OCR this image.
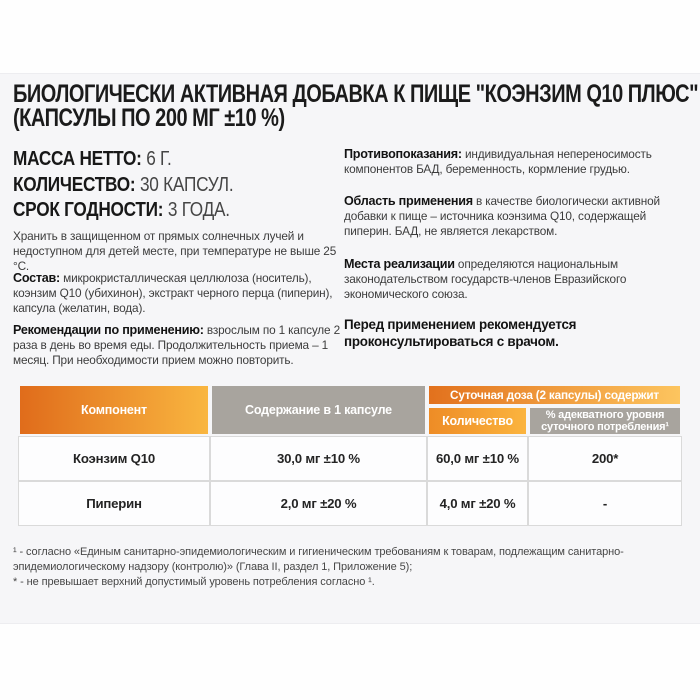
БИОЛОГИЧЕСКИ АКТИВНАЯ ДОБАВКА К ПИЩЕ "КОЭНЗИМ Q10 ПЛЮС"
(КАПСУЛЫ ПО 200 МГ ±10 %)
МАССА НЕТТО: 6 Г.
КОЛИЧЕСТВО: 30 КАПСУЛ.
СРОК ГОДНОСТИ: 3 ГОДА.

Хранить в защищенном от прямых солнечных лучей и недоступном для детей месте, при температуре не выше 25 °С.

Состав: микрокристаллическая целлюлоза (носитель), коэнзим Q10 (убихинон), экстракт черного перца (пиперин), капсула (желатин, вода).

Рекомендации по применению: взрослым по 1 капсуле 2 раза в день во время еды. Продолжительность приема – 1 месяц. При необходимости прием можно повторить.

Противопоказания: индивидуальная непереносимость компонентов БАД, беременность, кормление грудью.

Область применения в качестве биологически активной добавки к пище – источника коэнзима Q10, содержащей пиперин. БАД, не является лекарством.

Места реализации определяются национальным законодательством государств-членов Евразийского экономического союза.

Перед применением рекомендуется проконсультироваться с врачом.

Компонент	Содержание в 1 капсуле
Суточная доза (2 капсулы) содержит
Количество	% адекватного уровня суточного потребления¹
Коэнзим Q10	30,0 мг ±10 %	60,0 мг ±10 %	200*
Пиперин	2,0 мг ±20 %	4,0 мг ±20 %	-

¹ - согласно «Единым санитарно-эпидемиологическим и гигиеническим требованиям к товарам, подлежащим санитарно-эпидемиологическому надзору (контролю)» (Глава II, раздел 1, Приложение 5);

* - не превышает верхний допустимый уровень потребления согласно ¹.
